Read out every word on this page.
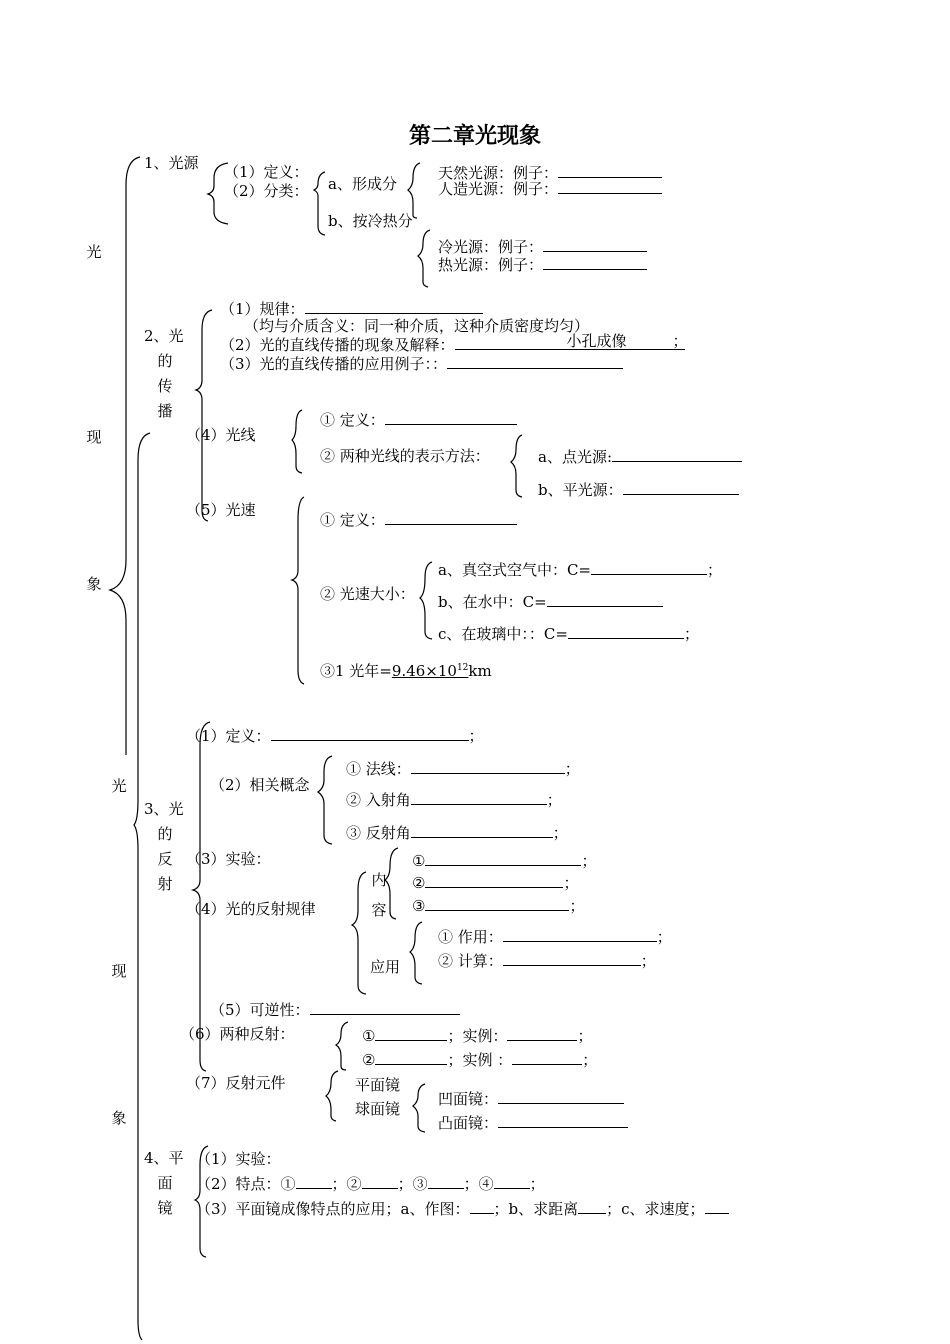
第二章光现象
光
现
象
光
现
象
1、光源 （1）定义：
（2）分类： a、形成分
b、按冷热分
天然光源：例子：
人造光源：例子：
冷光源：例子：
热光源：例子：
2、光
的
传
播
（1）规律：
（均与介质含义：同一种介质，这种介质密度均匀）
（2）光的直线传播的现象及解释：	小孔成像	；
（3）光的直线传播的应用例子：：
（4）光线
① 定义：
② 两种光线的表示方法：	a、点光源:
b、平光源：
（5）光速
① 定义：
② 光速大小：
a、真空式空气中：C=	；
b、在水中：C=
c、在玻璃中：：C=	；
③1 光年$=9.46\times 10^{12}km$
3、光
的
反
射
（1）定义：	；
（2）相关概念
① 法线：	；
② 入射角	；
③ 反射角	；
（3）实验：
（4）光的反射规律
内
容
①	；
②	；
③	；
应用
① 作用：	；
② 计算：	；
（5）可逆性：
（6）两种反射：	①	；实例：	；
②	；实例 ：	；
（7）反射元件	平面镜
球面镜
凹面镜：
凸面镜：
4、平
面
镜
（1）实验：
（2）特点：① ；② ；③ ；④ ；
（3）平面镜成像特点的应用；a、作图： ；b、求距离 ；c、求速度；
